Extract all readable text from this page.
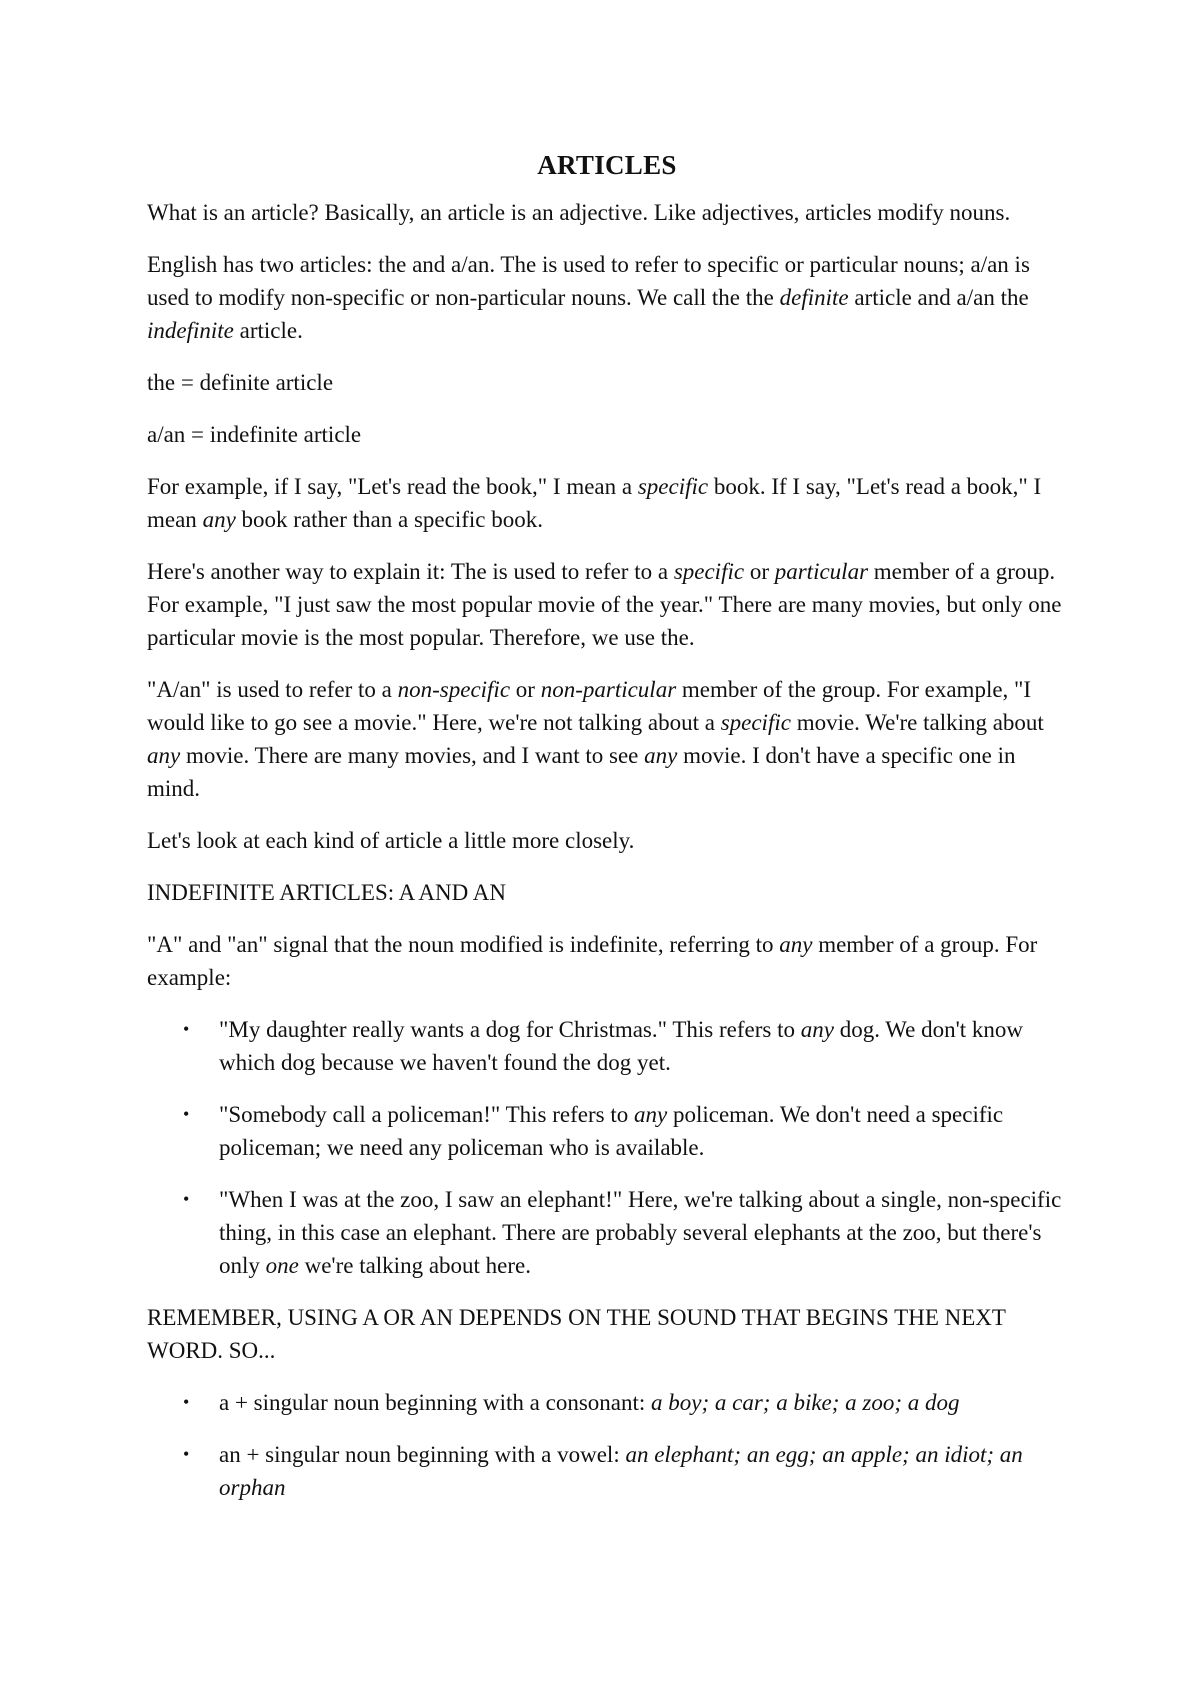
ARTICLES

What is an article? Basically, an article is an adjective. Like adjectives, articles modify nouns.

English has two articles: the and a/an. The is used to refer to specific or particular nouns; a/an is used to modify non-specific or non-particular nouns. We call the the definite article and a/an the indefinite article.

the = definite article

a/an = indefinite article

For example, if I say, "Let's read the book," I mean a specific book. If I say, "Let's read a book," I mean any book rather than a specific book.

Here's another way to explain it: The is used to refer to a specific or particular member of a group. For example, "I just saw the most popular movie of the year." There are many movies, but only one particular movie is the most popular. Therefore, we use the.

"A/an" is used to refer to a non-specific or non-particular member of the group. For example, "I would like to go see a movie." Here, we're not talking about a specific movie. We're talking about any movie. There are many movies, and I want to see any movie. I don't have a specific one in mind.

Let's look at each kind of article a little more closely.

INDEFINITE ARTICLES: A AND AN

"A" and "an" signal that the noun modified is indefinite, referring to any member of a group. For example:

• "My daughter really wants a dog for Christmas." This refers to any dog. We don't know which dog because we haven't found the dog yet.
• "Somebody call a policeman!" This refers to any policeman. We don't need a specific policeman; we need any policeman who is available.
• "When I was at the zoo, I saw an elephant!" Here, we're talking about a single, non-specific thing, in this case an elephant. There are probably several elephants at the zoo, but there's only one we're talking about here.

REMEMBER, USING A OR AN DEPENDS ON THE SOUND THAT BEGINS THE NEXT WORD. SO...

• a + singular noun beginning with a consonant: a boy; a car; a bike; a zoo; a dog
• an + singular noun beginning with a vowel: an elephant; an egg; an apple; an idiot; an orphan
